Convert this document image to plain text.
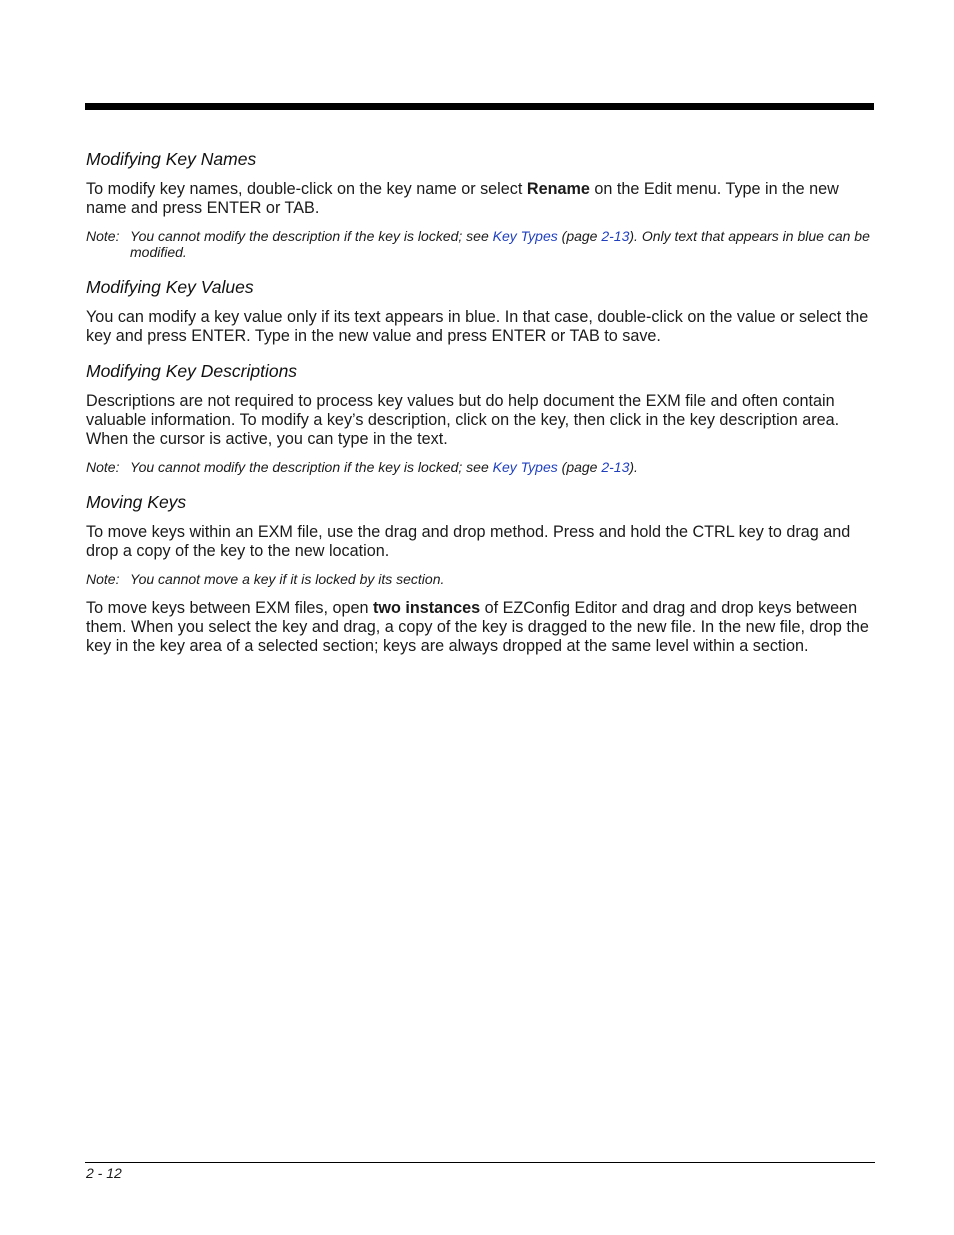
Modifying Key Names

To modify key names, double-click on the key name or select Rename on the Edit menu. Type in the new name and press ENTER or TAB.

Note: You cannot modify the description if the key is locked; see Key Types (page 2-13). Only text that appears in blue can be modified.
Modifying Key Values

You can modify a key value only if its text appears in blue. In that case, double-click on the value or select the key and press ENTER. Type in the new value and press ENTER or TAB to save.

Modifying Key Descriptions

Descriptions are not required to process key values but do help document the EXM file and often contain valuable information. To modify a key’s description, click on the key, then click in the key description area. When the cursor is active, you can type in the text.

Note: You cannot modify the description if the key is locked; see Key Types (page 2-13).
Moving Keys

To move keys within an EXM file, use the drag and drop method. Press and hold the CTRL key to drag and drop a copy of the key to the new location.

Note: You cannot move a key if it is locked by its section.

To move keys between EXM files, open two instances of EZConfig Editor and drag and drop keys between them. When you select the key and drag, a copy of the key is dragged to the new file. In the new file, drop the key in the key area of a selected section; keys are always dropped at the same level within a section.

2 - 12
